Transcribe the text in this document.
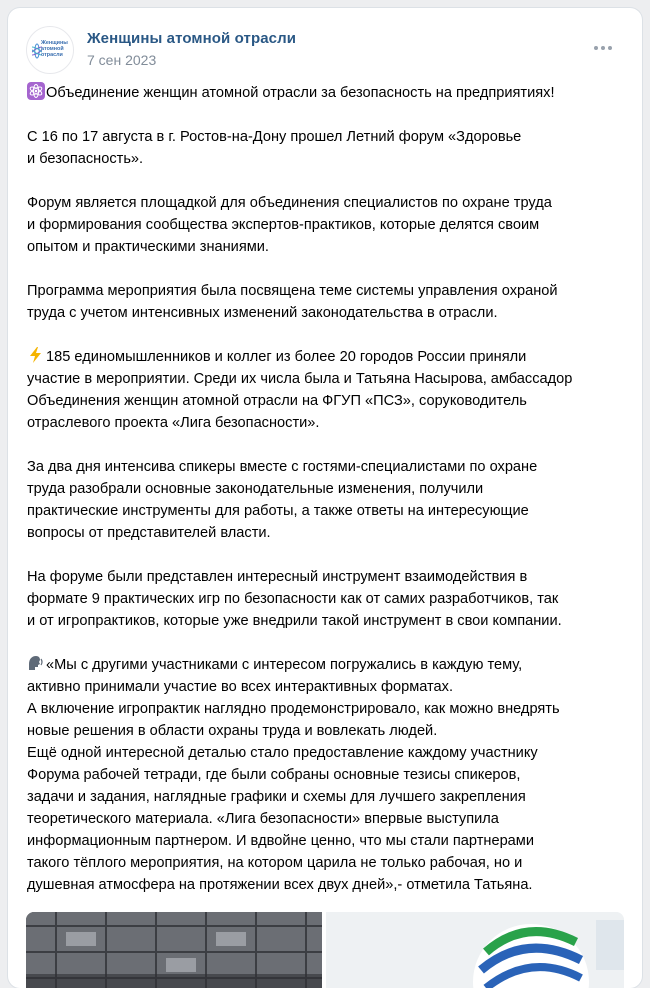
Женщины
атомной
отрасли
Женщины атомной отрасли
7 сен 2023

Объединение женщин атомной отрасли за безопасность на предприятиях!

С 16 по 17 августа в г. Ростов-на-Дону прошел Летний форум «Здоровье
и безопасность».

Форум является площадкой для объединения специалистов по охране труда
и формирования сообщества экспертов-практиков, которые делятся своим
опытом и практическими знаниями.

Программа мероприятия была посвящена теме системы управления охраной
труда с учетом интенсивных изменений законодательства в отрасли.

185 единомышленников и коллег из более 20 городов России приняли
участие в мероприятии. Среди их числа была и Татьяна Насырова, амбассадор
Объединения женщин атомной отрасли на ФГУП «ПСЗ», соруководитель
отраслевого проекта «Лига безопасности».

За два дня интенсива спикеры вместе с гостями-специалистами по охране
труда разобрали основные законодательные изменения, получили
практические инструменты для работы, а также ответы на интересующие
вопросы от представителей власти.

На форуме были представлен интересный инструмент взаимодействия в
формате 9 практических игр по безопасности как от самих разработчиков, так
и от игропрактиков, которые уже внедрили такой инструмент в свои компании.

«Мы с другими участниками с интересом погружались в каждую тему,
активно принимали участие во всех интерактивных форматах.
А включение игропрактик наглядно продемонстрировало, как можно внедрять
новые решения в области охраны труда и вовлекать людей.
Ещё одной интересной деталью стало предоставление каждому участнику
Форума рабочей тетради, где были собраны основные тезисы спикеров,
задачи и задания, наглядные графики и схемы для лучшего закрепления
теоретического материала. «Лига безопасности» впервые выступила
информационным партнером. И вдвойне ценно, что мы стали партнерами
такого тёплого мероприятия, на котором царила не только рабочая, но и
душевная атмосфера на протяжении всех двух дней»,- отметила Татьяна.
